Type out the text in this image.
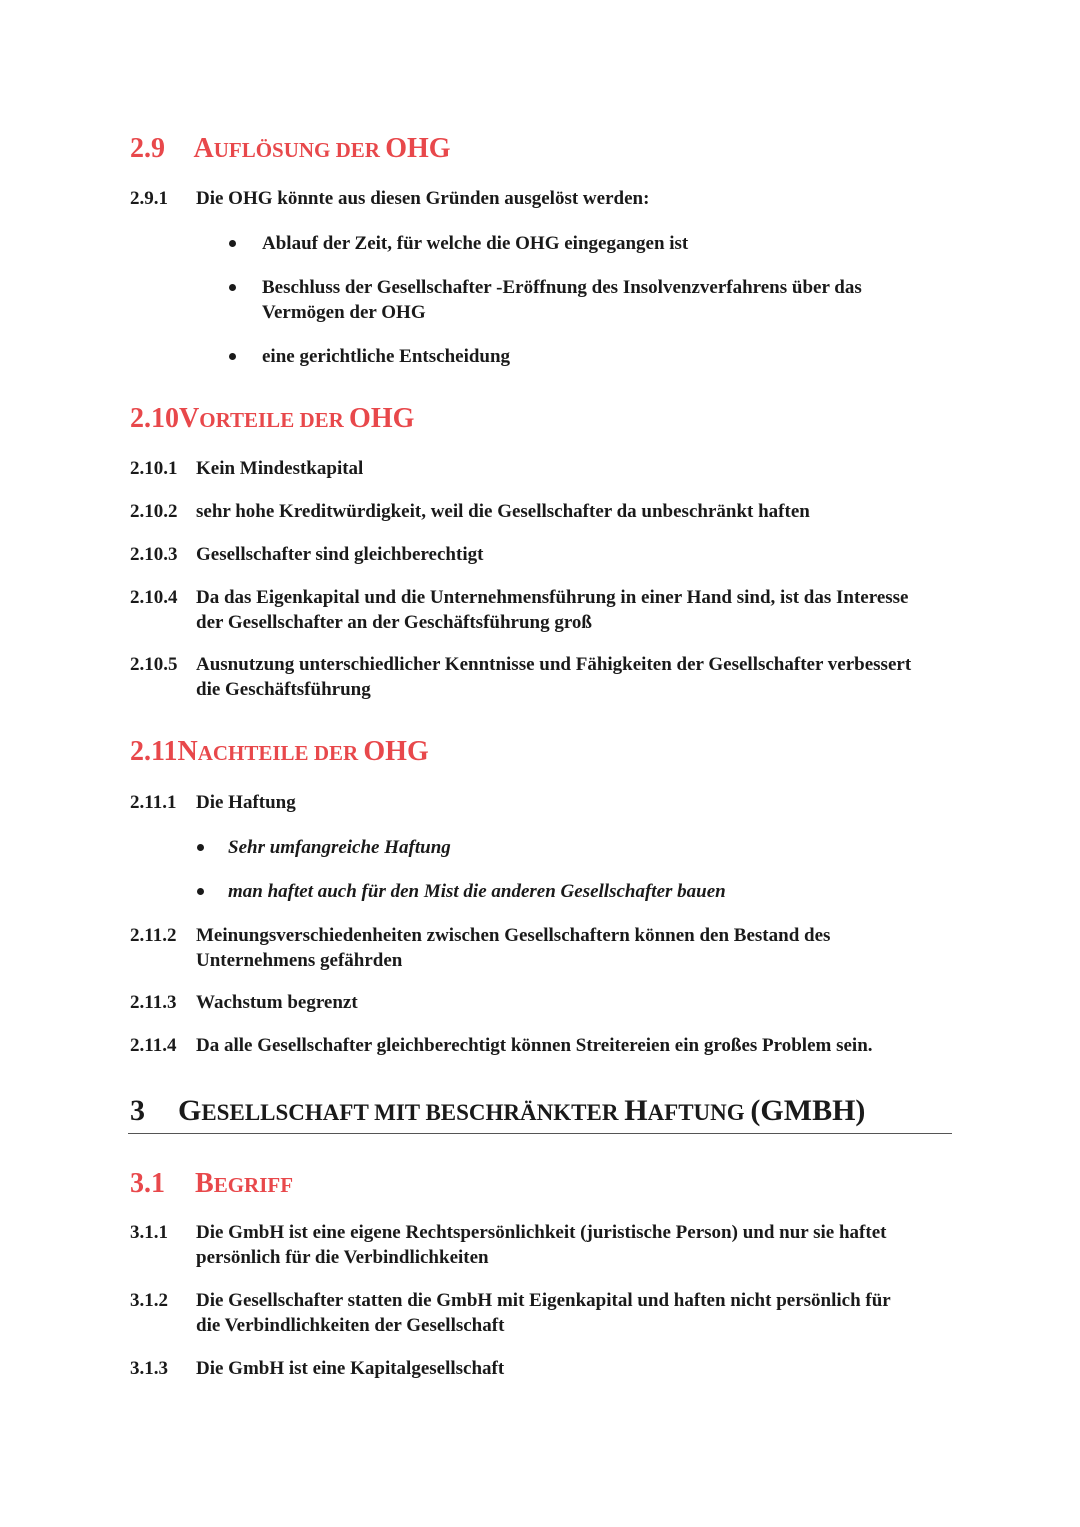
2.9 AUFLÖSUNG DER OHG
2.9.1 Die OHG könnte aus diesen Gründen ausgelöst werden:
Ablauf der Zeit, für welche die OHG eingegangen ist
Beschluss der Gesellschafter -Eröffnung des Insolvenzverfahrens über das
Vermögen der OHG
eine gerichtliche Entscheidung
2.10VORTEILE DER OHG
2.10.1 Kein Mindestkapital
2.10.2 sehr hohe Kreditwürdigkeit, weil die Gesellschafter da unbeschränkt haften
2.10.3 Gesellschafter sind gleichberechtigt
2.10.4 Da das Eigenkapital und die Unternehmensführung in einer Hand sind, ist das Interesse
der Gesellschafter an der Geschäftsführung groß
2.10.5 Ausnutzung unterschiedlicher Kenntnisse und Fähigkeiten der Gesellschafter verbessert
die Geschäftsführung
2.11NACHTEILE DER OHG
2.11.1 Die Haftung
Sehr umfangreiche Haftung
man haftet auch für den Mist die anderen Gesellschafter bauen
2.11.2 Meinungsverschiedenheiten zwischen Gesellschaftern können den Bestand des
Unternehmens gefährden
2.11.3 Wachstum begrenzt
2.11.4 Da alle Gesellschafter gleichberechtigt können Streitereien ein großes Problem sein.
3 GESELLSCHAFT MIT BESCHRÄNKTER HAFTUNG (GMBH)
3.1 BEGRIFF
3.1.1 Die GmbH ist eine eigene Rechtspersönlichkeit (juristische Person) und nur sie haftet
persönlich für die Verbindlichkeiten
3.1.2 Die Gesellschafter statten die GmbH mit Eigenkapital und haften nicht persönlich für
die Verbindlichkeiten der Gesellschaft
3.1.3 Die GmbH ist eine Kapitalgesellschaft
